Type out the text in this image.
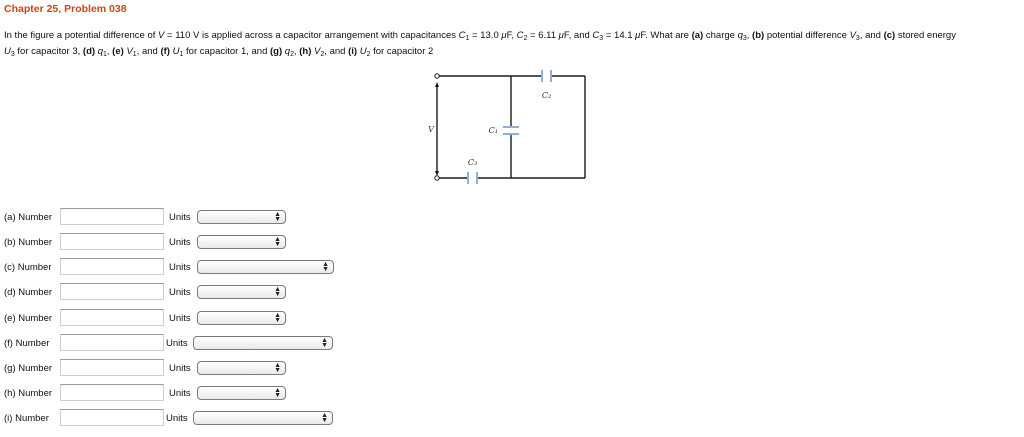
Chapter 25, Problem 038
In the figure a potential difference of V = 110 V is applied across a capacitor arrangement with capacitances $C_1 = 13.0$ μF, $C_2 = 6.11$ μF, and $C_3 = 14.1$ μF. What are (a) charge $q_3$, (b) potential difference $V_3$, and (c) stored energy
$U_3$ for capacitor 3, (d) $q_1$, (e) $V_1$, and (f) $U_1$ for capacitor 1, and (g) $q_2$, (h) $V_2$, and (i) $U_2$ for capacitor 2
C₂
C₁
C₃
V
(a) Number	Units	▲
▼
(b) Number	Units	▲
▼
(c) Number	Units	▲
▼
(d) Number	Units	▲
▼
(e) Number	Units	▲
▼
(f) Number	Units	▲
▼
(g) Number	Units	▲
▼
(h) Number	Units	▲
▼
(i) Number	Units	▲
▼
